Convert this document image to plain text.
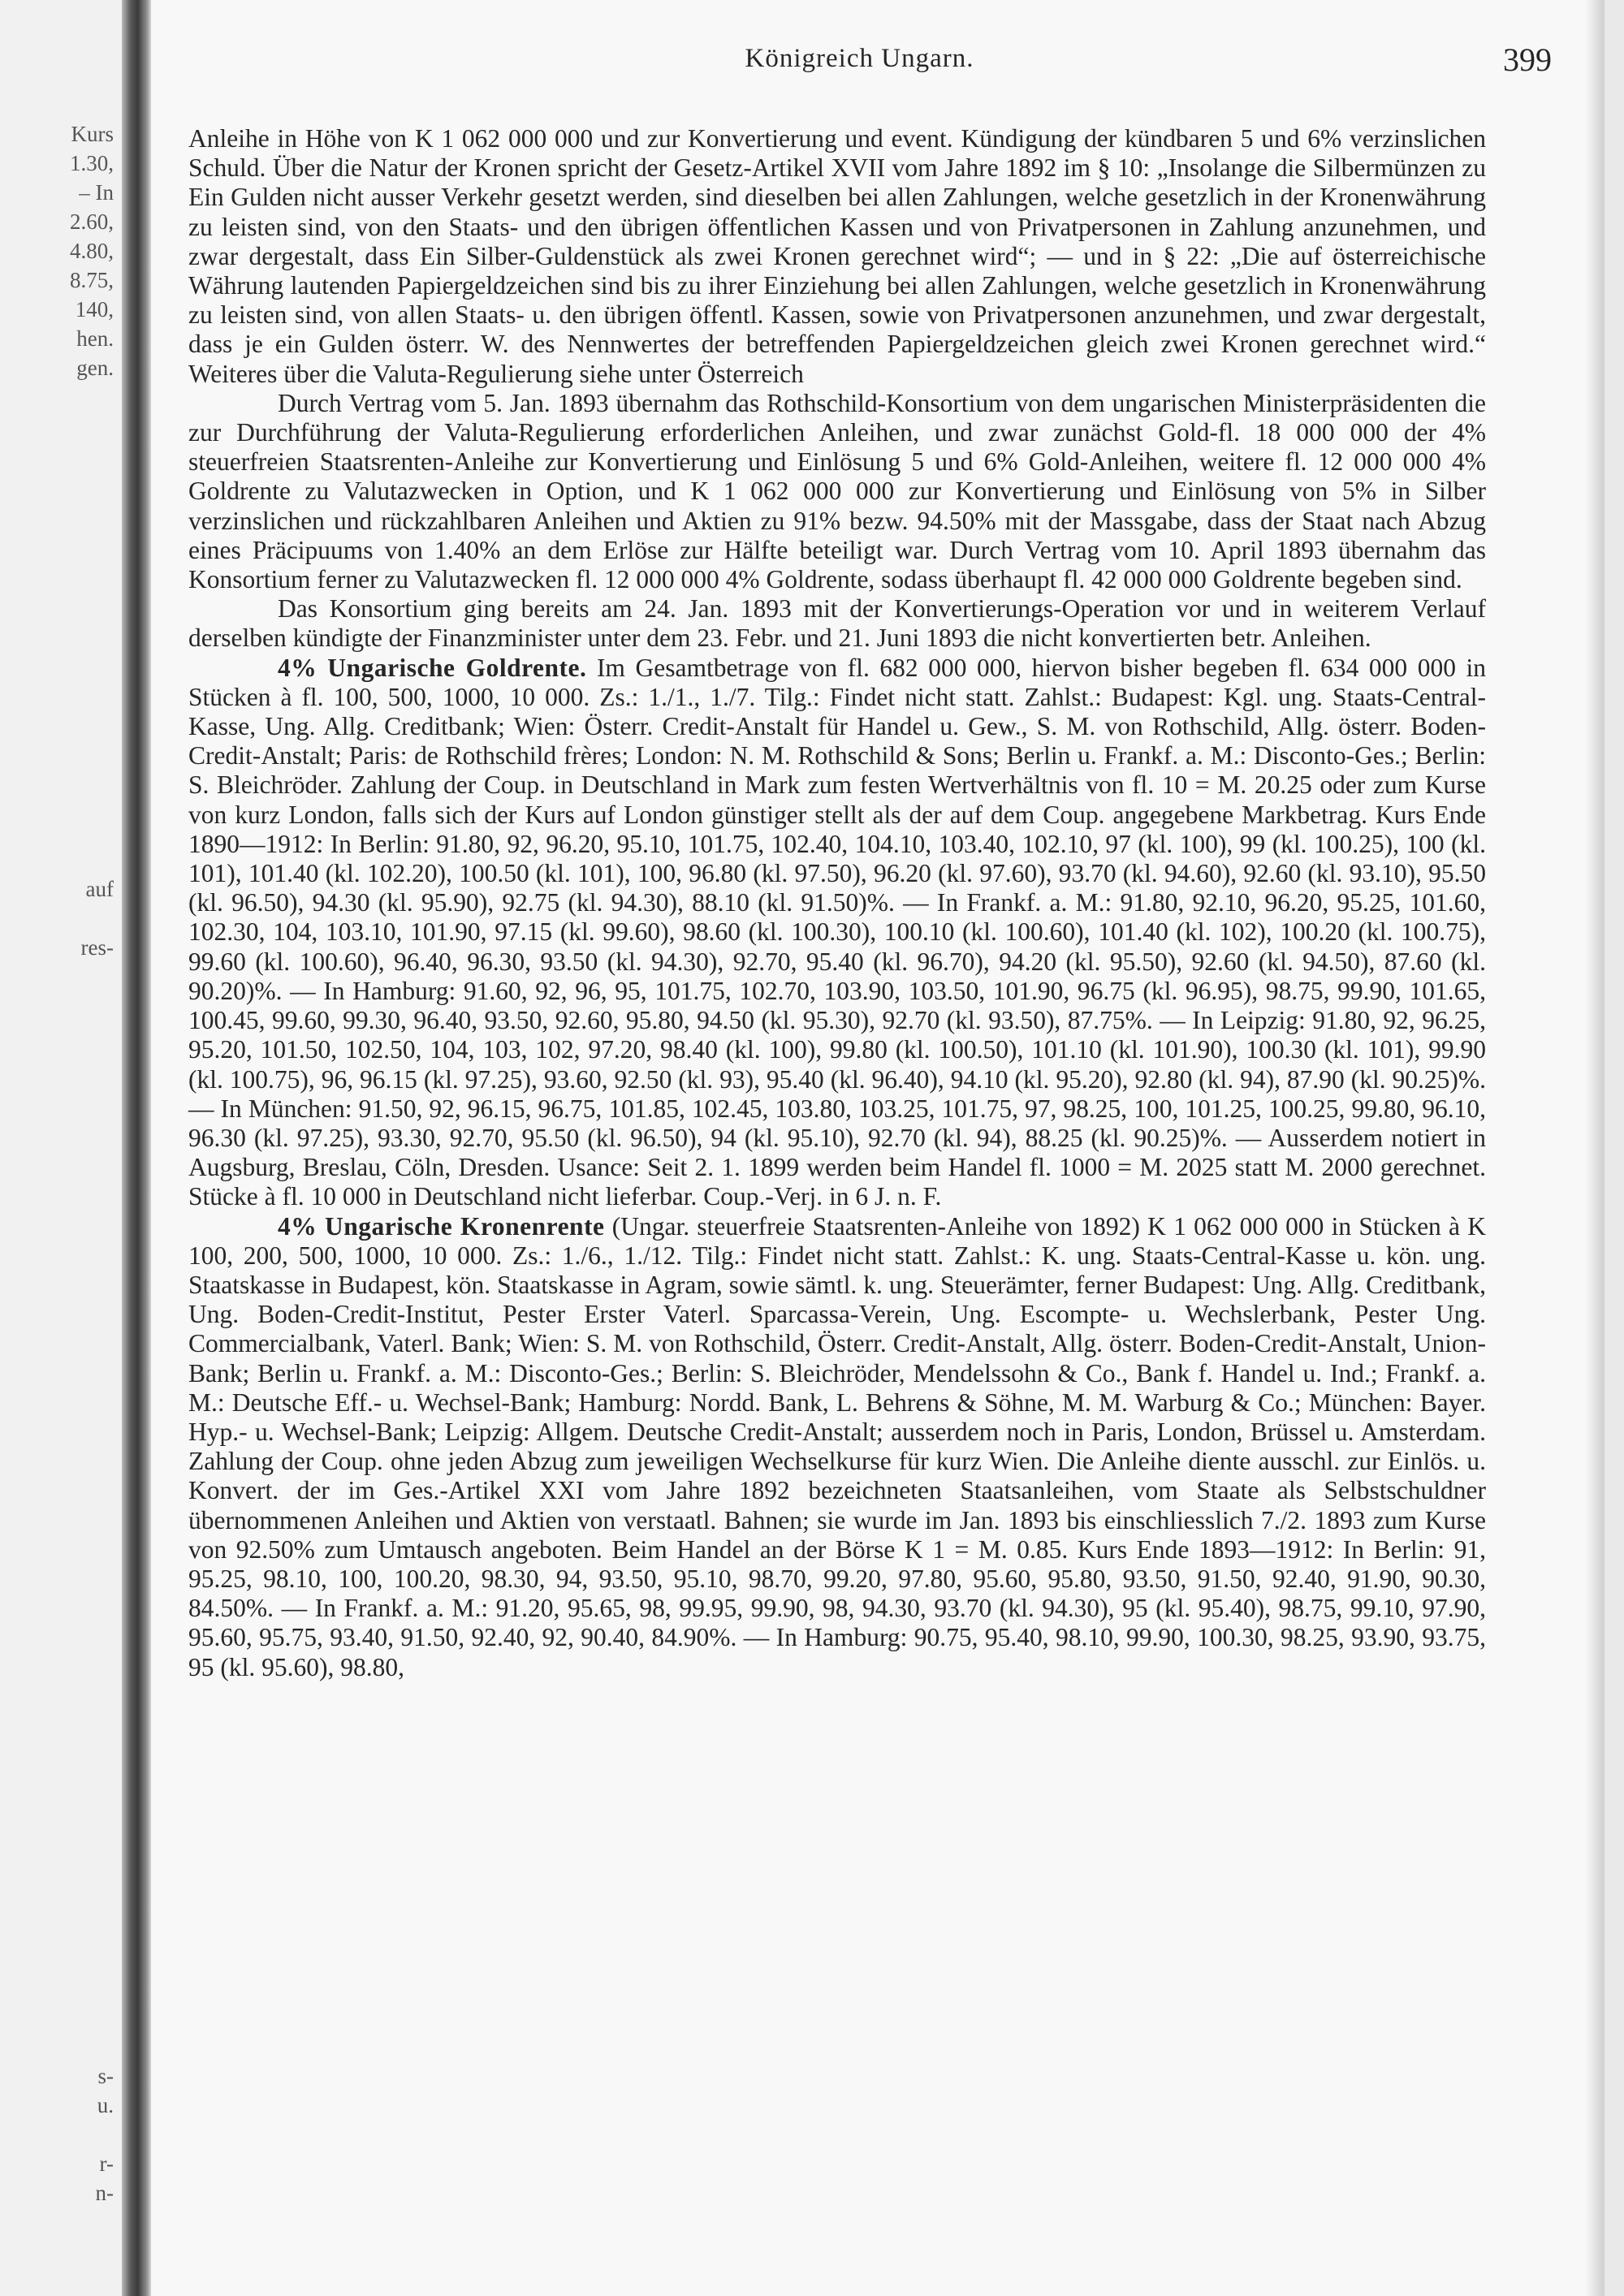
Kurs
1.30,
– In
2.60,
4.80,
8.75,
140,
hen.
gen.
auf
res-
s-
u.
r-
n-
Königreich Ungarn.	399

Anleihe in Höhe von K 1 062 000 000 und zur Konvertierung und event. Kündigung der kündbaren 5 und 6% verzinslichen Schuld. Über die Natur der Kronen spricht der Gesetz-Artikel XVII vom Jahre 1892 im § 10: „Insolange die Silbermünzen zu Ein Gulden nicht ausser Verkehr gesetzt werden, sind dieselben bei allen Zahlungen, welche gesetzlich in der Kronenwährung zu leisten sind, von den Staats- und den übrigen öffentlichen Kassen und von Privatpersonen in Zahlung anzunehmen, und zwar dergestalt, dass Ein Silber-Guldenstück als zwei Kronen gerechnet wird“; — und in § 22: „Die auf österreichische Währung lautenden Papiergeldzeichen sind bis zu ihrer Einziehung bei allen Zahlungen, welche gesetzlich in Kronenwährung zu leisten sind, von allen Staats- u. den übrigen öffentl. Kassen, sowie von Privatpersonen anzunehmen, und zwar dergestalt, dass je ein Gulden österr. W. des Nennwertes der betreffenden Papiergeldzeichen gleich zwei Kronen gerechnet wird.“ Weiteres über die Valuta-Regulierung siehe unter Österreich

Durch Vertrag vom 5. Jan. 1893 übernahm das Rothschild-Konsortium von dem ungarischen Ministerpräsidenten die zur Durchführung der Valuta-Regulierung erforderlichen Anleihen, und zwar zunächst Gold-fl. 18 000 000 der 4% steuerfreien Staatsrenten-Anleihe zur Konvertierung und Einlösung 5 und 6% Gold-Anleihen, weitere fl. 12 000 000 4% Goldrente zu Valutazwecken in Option, und K 1 062 000 000 zur Konvertierung und Einlösung von 5% in Silber verzinslichen und rückzahlbaren Anleihen und Aktien zu 91% bezw. 94.50% mit der Massgabe, dass der Staat nach Abzug eines Präcipuums von 1.40% an dem Erlöse zur Hälfte beteiligt war. Durch Vertrag vom 10. April 1893 übernahm das Konsortium ferner zu Valutazwecken fl. 12 000 000 4% Goldrente, sodass überhaupt fl. 42 000 000 Goldrente begeben sind.

Das Konsortium ging bereits am 24. Jan. 1893 mit der Konvertierungs-Operation vor und in weiterem Verlauf derselben kündigte der Finanzminister unter dem 23. Febr. und 21. Juni 1893 die nicht konvertierten betr. Anleihen.

4% Ungarische Goldrente. Im Gesamtbetrage von fl. 682 000 000, hiervon bisher begeben fl. 634 000 000 in Stücken à fl. 100, 500, 1000, 10 000. Zs.: 1./1., 1./7. Tilg.: Findet nicht statt. Zahlst.: Budapest: Kgl. ung. Staats-Central-Kasse, Ung. Allg. Creditbank; Wien: Österr. Credit-Anstalt für Handel u. Gew., S. M. von Rothschild, Allg. österr. Boden-Credit-Anstalt; Paris: de Rothschild frères; London: N. M. Rothschild & Sons; Berlin u. Frankf. a. M.: Disconto-Ges.; Berlin: S. Bleichröder. Zahlung der Coup. in Deutschland in Mark zum festen Wertverhältnis von fl. 10 = M. 20.25 oder zum Kurse von kurz London, falls sich der Kurs auf London günstiger stellt als der auf dem Coup. angegebene Markbetrag. Kurs Ende 1890—1912: In Berlin: 91.80, 92, 96.20, 95.10, 101.75, 102.40, 104.10, 103.40, 102.10, 97 (kl. 100), 99 (kl. 100.25), 100 (kl. 101), 101.40 (kl. 102.20), 100.50 (kl. 101), 100, 96.80 (kl. 97.50), 96.20 (kl. 97.60), 93.70 (kl. 94.60), 92.60 (kl. 93.10), 95.50 (kl. 96.50), 94.30 (kl. 95.90), 92.75 (kl. 94.30), 88.10 (kl. 91.50)%. — In Frankf. a. M.: 91.80, 92.10, 96.20, 95.25, 101.60, 102.30, 104, 103.10, 101.90, 97.15 (kl. 99.60), 98.60 (kl. 100.30), 100.10 (kl. 100.60), 101.40 (kl. 102), 100.20 (kl. 100.75), 99.60 (kl. 100.60), 96.40, 96.30, 93.50 (kl. 94.30), 92.70, 95.40 (kl. 96.70), 94.20 (kl. 95.50), 92.60 (kl. 94.50), 87.60 (kl. 90.20)%. — In Hamburg: 91.60, 92, 96, 95, 101.75, 102.70, 103.90, 103.50, 101.90, 96.75 (kl. 96.95), 98.75, 99.90, 101.65, 100.45, 99.60, 99.30, 96.40, 93.50, 92.60, 95.80, 94.50 (kl. 95.30), 92.70 (kl. 93.50), 87.75%. — In Leipzig: 91.80, 92, 96.25, 95.20, 101.50, 102.50, 104, 103, 102, 97.20, 98.40 (kl. 100), 99.80 (kl. 100.50), 101.10 (kl. 101.90), 100.30 (kl. 101), 99.90 (kl. 100.75), 96, 96.15 (kl. 97.25), 93.60, 92.50 (kl. 93), 95.40 (kl. 96.40), 94.10 (kl. 95.20), 92.80 (kl. 94), 87.90 (kl. 90.25)%. — In München: 91.50, 92, 96.15, 96.75, 101.85, 102.45, 103.80, 103.25, 101.75, 97, 98.25, 100, 101.25, 100.25, 99.80, 96.10, 96.30 (kl. 97.25), 93.30, 92.70, 95.50 (kl. 96.50), 94 (kl. 95.10), 92.70 (kl. 94), 88.25 (kl. 90.25)%. — Ausserdem notiert in Augsburg, Breslau, Cöln, Dresden. Usance: Seit 2. 1. 1899 werden beim Handel fl. 1000 = M. 2025 statt M. 2000 gerechnet. Stücke à fl. 10 000 in Deutschland nicht lieferbar. Coup.-Verj. in 6 J. n. F.

4% Ungarische Kronenrente (Ungar. steuerfreie Staatsrenten-Anleihe von 1892) K 1 062 000 000 in Stücken à K 100, 200, 500, 1000, 10 000. Zs.: 1./6., 1./12. Tilg.: Findet nicht statt. Zahlst.: K. ung. Staats-Central-Kasse u. kön. ung. Staatskasse in Budapest, kön. Staatskasse in Agram, sowie sämtl. k. ung. Steuerämter, ferner Budapest: Ung. Allg. Creditbank, Ung. Boden-Credit-Institut, Pester Erster Vaterl. Sparcassa-Verein, Ung. Escompte- u. Wechslerbank, Pester Ung. Commercialbank, Vaterl. Bank; Wien: S. M. von Rothschild, Österr. Credit-Anstalt, Allg. österr. Boden-Credit-Anstalt, Union-Bank; Berlin u. Frankf. a. M.: Disconto-Ges.; Berlin: S. Bleichröder, Mendelssohn & Co., Bank f. Handel u. Ind.; Frankf. a. M.: Deutsche Eff.- u. Wechsel-Bank; Hamburg: Nordd. Bank, L. Behrens & Söhne, M. M. Warburg & Co.; München: Bayer. Hyp.- u. Wechsel-Bank; Leipzig: Allgem. Deutsche Credit-Anstalt; ausserdem noch in Paris, London, Brüssel u. Amsterdam. Zahlung der Coup. ohne jeden Abzug zum jeweiligen Wechselkurse für kurz Wien. Die Anleihe diente ausschl. zur Einlös. u. Konvert. der im Ges.-Artikel XXI vom Jahre 1892 bezeichneten Staatsanleihen, vom Staate als Selbstschuldner übernommenen Anleihen und Aktien von verstaatl. Bahnen; sie wurde im Jan. 1893 bis einschliesslich 7./2. 1893 zum Kurse von 92.50% zum Umtausch angeboten. Beim Handel an der Börse K 1 = M. 0.85. Kurs Ende 1893—1912: In Berlin: 91, 95.25, 98.10, 100, 100.20, 98.30, 94, 93.50, 95.10, 98.70, 99.20, 97.80, 95.60, 95.80, 93.50, 91.50, 92.40, 91.90, 90.30, 84.50%. — In Frankf. a. M.: 91.20, 95.65, 98, 99.95, 99.90, 98, 94.30, 93.70 (kl. 94.30), 95 (kl. 95.40), 98.75, 99.10, 97.90, 95.60, 95.75, 93.40, 91.50, 92.40, 92, 90.40, 84.90%. — In Hamburg: 90.75, 95.40, 98.10, 99.90, 100.30, 98.25, 93.90, 93.75, 95 (kl. 95.60), 98.80,
